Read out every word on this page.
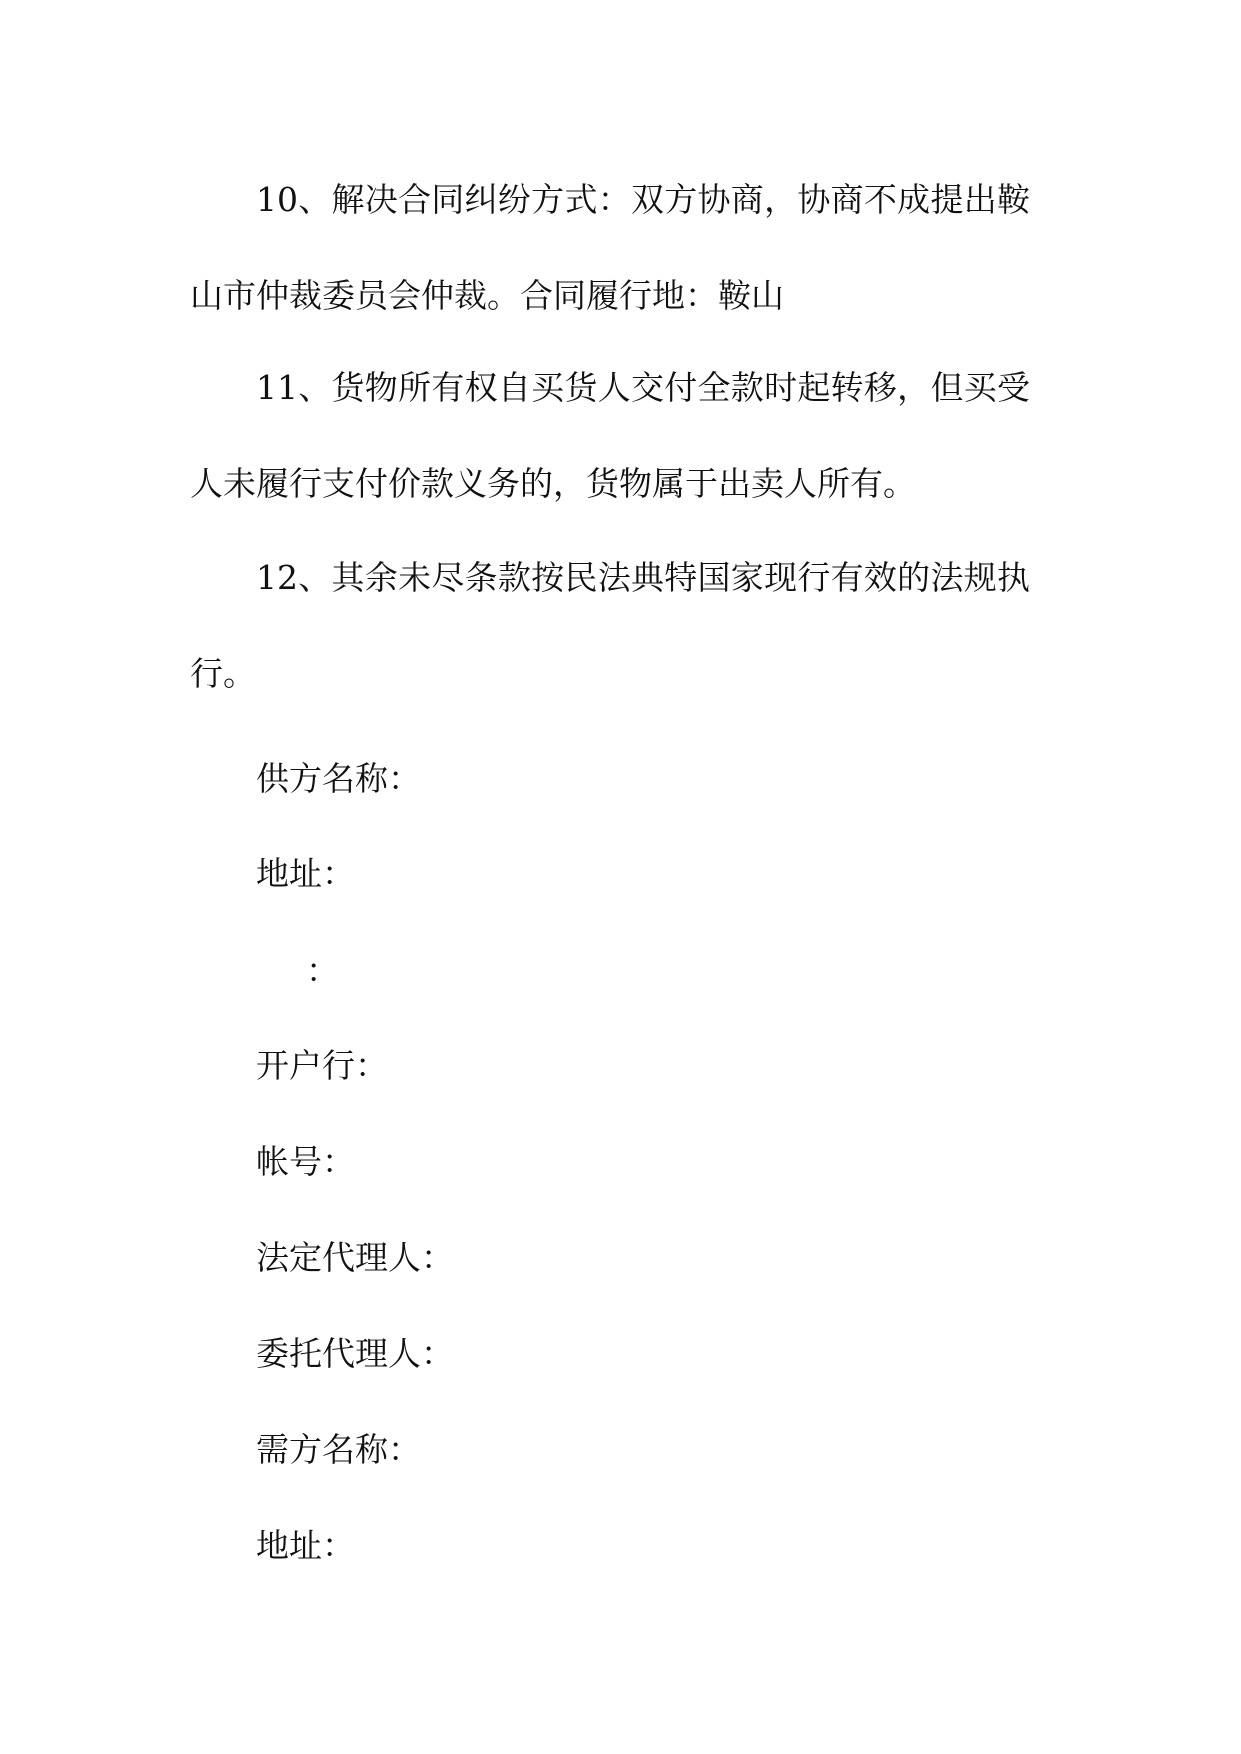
10、解决合同纠纷方式：双方协商，协商不成提出鞍山市仲裁委员会仲裁。合同履行地：鞍山

11、货物所有权自买货人交付全款时起转移，但买受人未履行支付价款义务的，货物属于出卖人所有。

12、其余未尽条款按民法典特国家现行有效的法规执行。

供方名称：

地址：

：

开户行：

帐号：

法定代理人：

委托代理人：

需方名称：

地址：
